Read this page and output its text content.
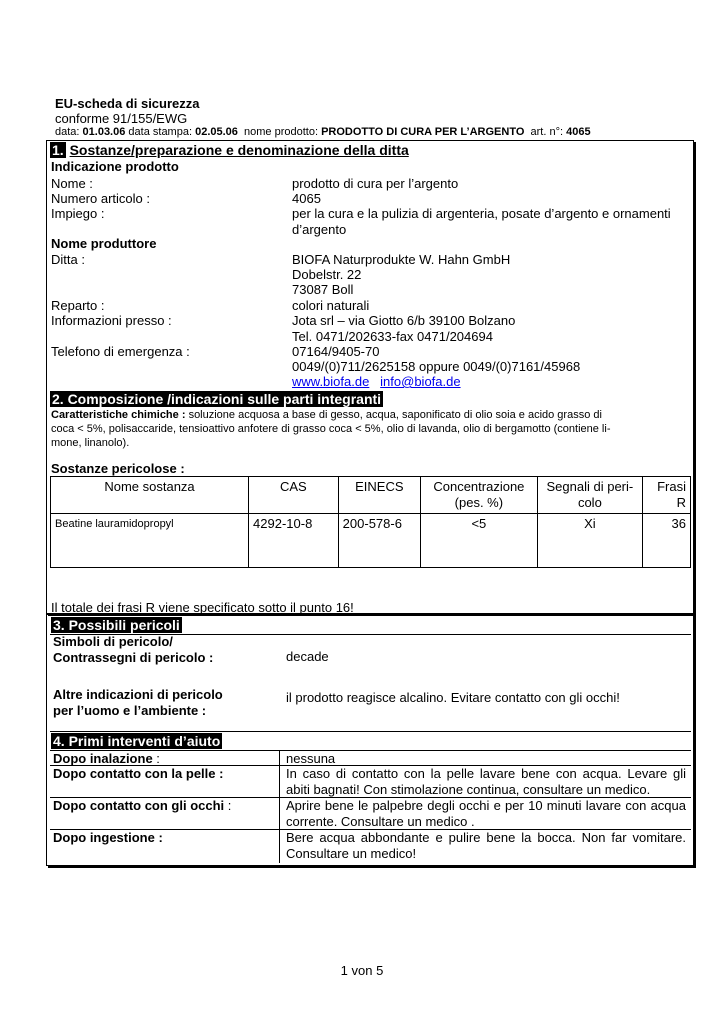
EU-scheda di sicurezza
conforme 91/155/EWG
data: 01.03.06 data stampa: 02.05.06 nome prodotto: PRODOTTO DI CURA PER L’ARGENTO art. n°: 4065
1. Sostanze/preparazione e denominazione della ditta
Indicazione prodotto
Nome :	prodotto di cura per l’argento
Numero articolo :	4065
Impiego :	per la cura e la pulizia di argenteria, posate d’argento e ornamenti d’argento
Nome produttore
Ditta :	BIOFA Naturprodukte W. Hahn GmbH
Dobelstr. 22
73087 Boll
Reparto :	colori naturali
Informazioni presso :	Jota srl – via Giotto 6/b 39100 Bolzano
Tel. 0471/202633-fax 0471/204694
Telefono di emergenza :	07164/9405-70
0049/(0)711/2625158 oppure 0049/(0)7161/45968
www.biofa.de info@biofa.de
2. Composizione /indicazioni sulle parti integranti
Caratteristiche chimiche : soluzione acquosa a base di gesso, acqua, saponificato di olio soia e acido grasso di
coca < 5%, polisaccaride, tensioattivo anfotere di grasso coca < 5%, olio di lavanda, olio di bergamotto (contiene li-
mone, linanolo).
Sostanze pericolose :
Nome sostanza	CAS	EINECS	Concentrazione (pes. %)	Segnali di peri-colo	Frasi R
Beatine lauramidopropyl	4292-10-8	200-578-6	<5	Xi	36
Il totale dei frasi R viene specificato sotto il punto 16!
3. Possibili pericoli
Simboli di pericolo/
Contrassegni di pericolo :	decade
Altre indicazioni di pericolo
per l’uomo e l’ambiente :
il prodotto reagisce alcalino. Evitare contatto con gli occhi!
4. Primi interventi d’aiuto
Dopo inalazione :	nessuna
Dopo contatto con la pelle :	In caso di contatto con la pelle lavare bene con acqua. Levare gli abiti bagnati! Con stimolazione continua, consultare un medico.
Dopo contatto con gli occhi :	Aprire bene le palpebre degli occhi e per 10 minuti lavare con acqua corrente. Consultare un medico .
Dopo ingestione :	Bere acqua abbondante e pulire bene la bocca. Non far vomitare. Consultare un medico!
1 von 5
